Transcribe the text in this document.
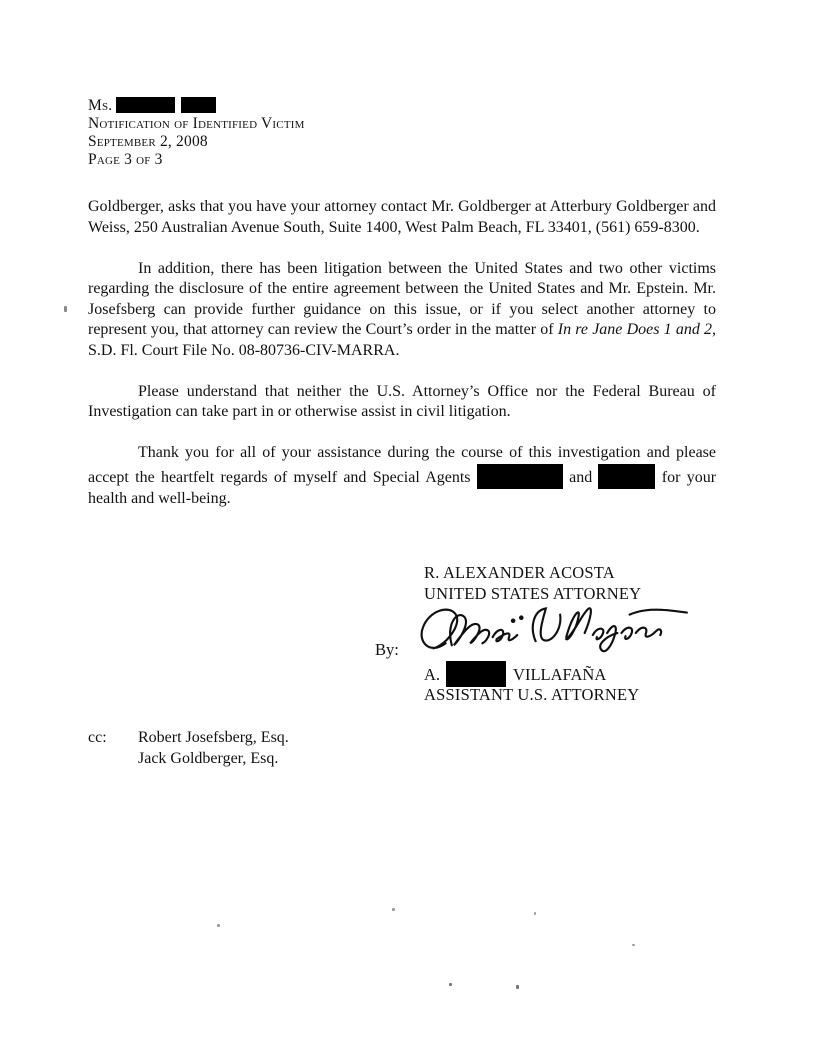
Ms.
Notification of Identified Victim
September 2, 2008
Page 3 of 3

Goldberger, asks that you have your attorney contact Mr. Goldberger at Atterbury Goldberger and Weiss, 250 Australian Avenue South, Suite 1400, West Palm Beach, FL 33401, (561) 659-8300.

In addition, there has been litigation between the United States and two other victims regarding the disclosure of the entire agreement between the United States and Mr. Epstein. Mr. Josefsberg can provide further guidance on this issue, or if you select another attorney to represent you, that attorney can review the Court’s order in the matter of In re Jane Does 1 and 2, S.D. Fl. Court File No. 08-80736-CIV-MARRA.

Please understand that neither the U.S. Attorney’s Office nor the Federal Bureau of Investigation can take part in or otherwise assist in civil litigation.

Thank you for all of your assistance during the course of this investigation and please accept the heartfelt regards of myself and Special Agents	and	for your health and well-being.

R. ALEXANDER ACOSTA
UNITED STATES ATTORNEY
By:
A.	VILLAFAÑA
ASSISTANT U.S. ATTORNEY
cc:	Robert Josefsberg, Esq.
Jack Goldberger, Esq.
